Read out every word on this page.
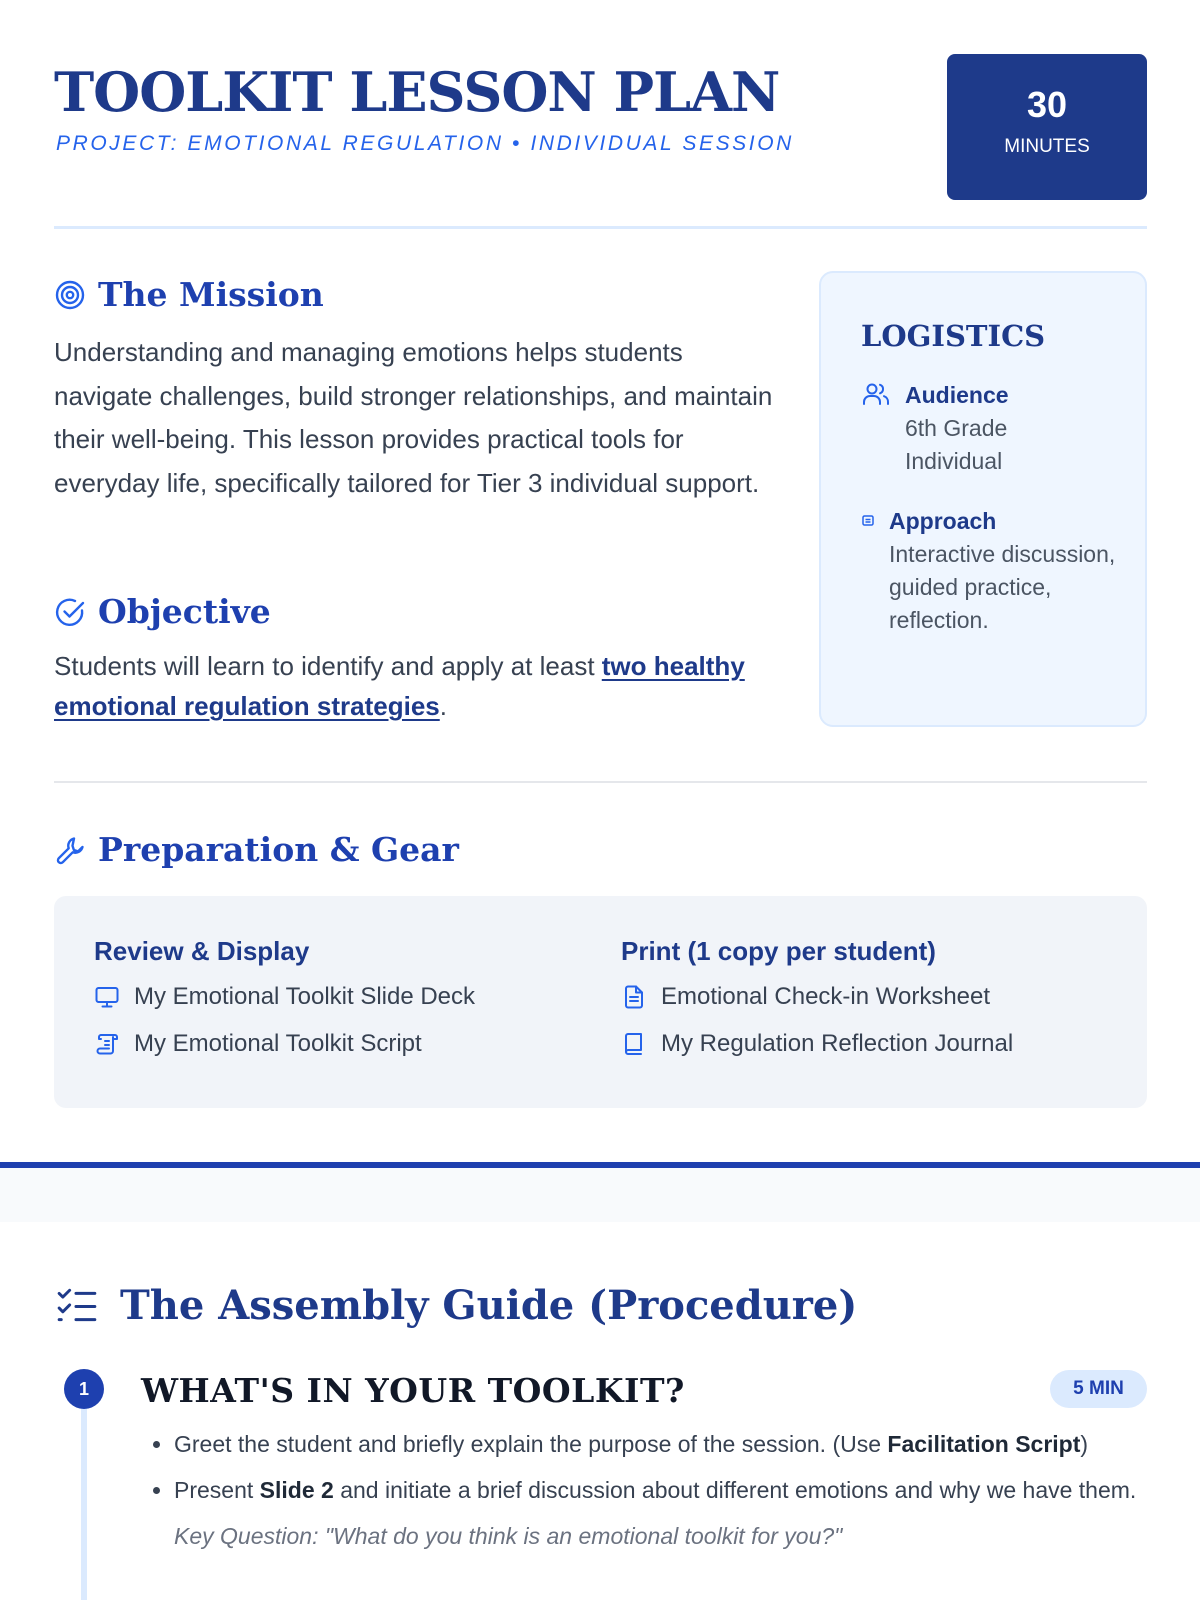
TOOLKIT LESSON PLAN
PROJECT: EMOTIONAL REGULATION • INDIVIDUAL SESSION
30
MINUTES
The Mission

Understanding and managing emotions helps students navigate challenges, build stronger relationships, and maintain their well-being. This lesson provides practical tools for everyday life, specifically tailored for Tier 3 individual support.

Objective

Students will learn to identify and apply at least two healthy emotional regulation strategies.

LOGISTICS
Audience
6th Grade
Individual
Approach
Interactive discussion, guided practice, reflection.
Preparation & Gear
Review & Display
My Emotional Toolkit Slide Deck
My Emotional Toolkit Script
Print (1 copy per student)
Emotional Check-in Worksheet
My Regulation Reflection Journal
The Assembly Guide (Procedure)
1	WHAT'S IN YOUR TOOLKIT?	5 MIN
• Greet the student and briefly explain the purpose of the session. (Use Facilitation Script)
• Present Slide 2 and initiate a brief discussion about different emotions and why we have them.
Key Question: "What do you think is an emotional toolkit for you?"
